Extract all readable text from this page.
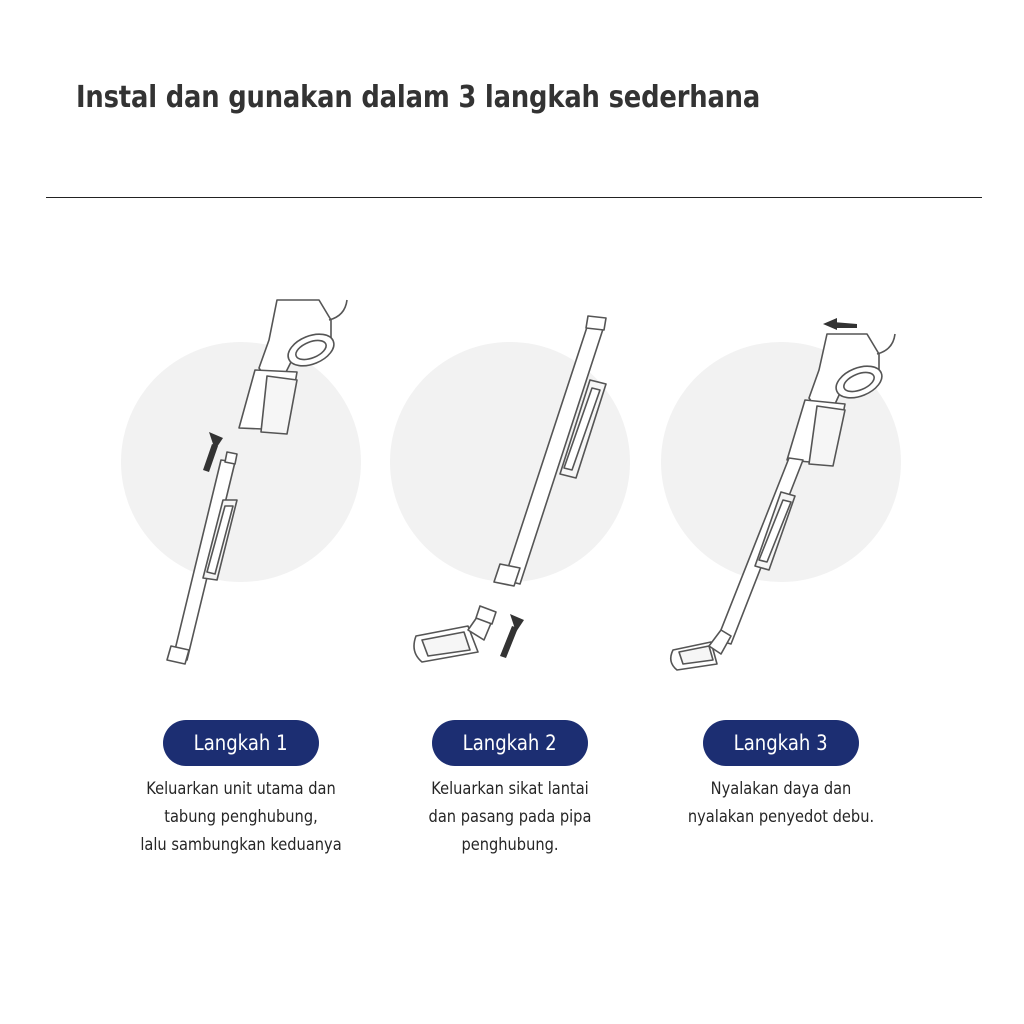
Instal dan gunakan dalam 3 langkah sederhana
Langkah 1
Keluarkan unit utama dan
tabung penghubung,
lalu sambungkan keduanya
Langkah 2
Keluarkan sikat lantai
dan pasang pada pipa
penghubung.
Langkah 3
Nyalakan daya dan
nyalakan penyedot debu.
